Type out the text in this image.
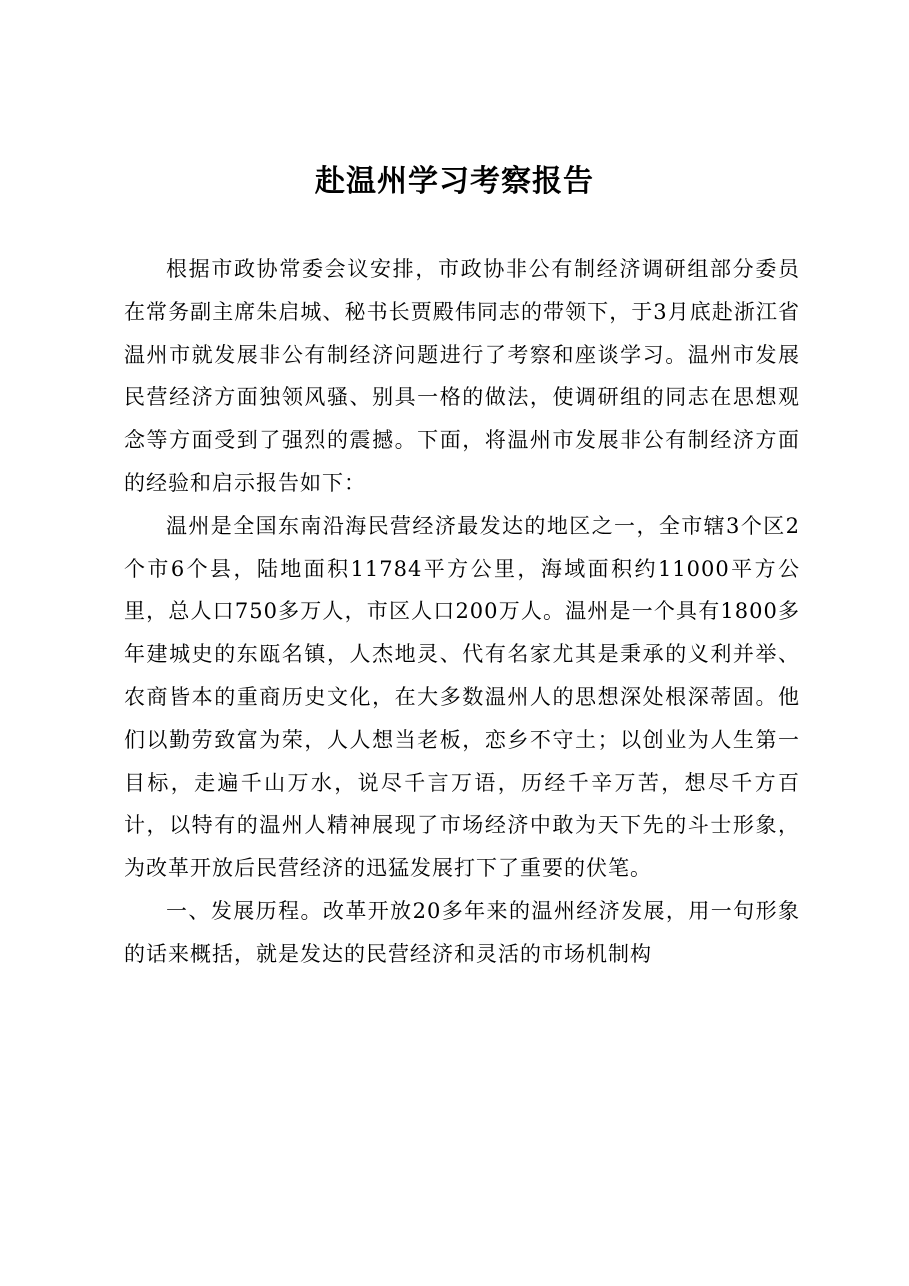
赴温州学习考察报告

根据市政协常委会议安排，市政协非公有制经济调研组部分委员在常务副主席朱启城、秘书长贾殿伟同志的带领下，于3月底赴浙江省温州市就发展非公有制经济问题进行了考察和座谈学习。温州市发展民营经济方面独领风骚、别具一格的做法，使调研组的同志在思想观念等方面受到了强烈的震撼。下面，将温州市发展非公有制经济方面的经验和启示报告如下：

温州是全国东南沿海民营经济最发达的地区之一，全市辖3个区2个市6个县，陆地面积11784平方公里，海域面积约11000平方公里，总人口750多万人，市区人口200万人。温州是一个具有1800多年建城史的东瓯名镇，人杰地灵、代有名家尤其是秉承的义利并举、农商皆本的重商历史文化，在大多数温州人的思想深处根深蒂固。他们以勤劳致富为荣，人人想当老板，恋乡不守土；以创业为人生第一目标，走遍千山万水，说尽千言万语，历经千辛万苦，想尽千方百计，以特有的温州人精神展现了市场经济中敢为天下先的斗士形象，为改革开放后民营经济的迅猛发展打下了重要的伏笔。

一、发展历程。改革开放20多年来的温州经济发展，用一句形象的话来概括，就是发达的民营经济和灵活的市场机制构
